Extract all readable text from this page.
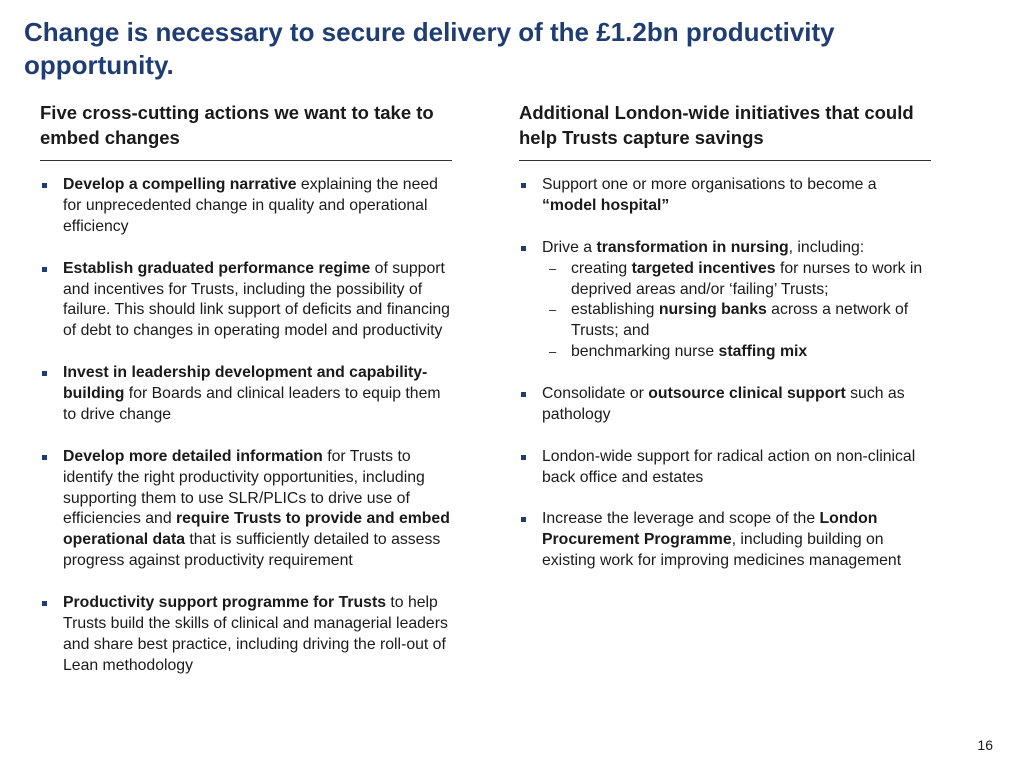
Change is necessary to secure delivery of the £1.2bn productivity opportunity.
Five cross-cutting actions we want to take to embed changes
Develop a compelling narrative explaining the need for unprecedented change in quality and operational efficiency
Establish graduated performance regime of support and incentives for Trusts, including the possibility of failure. This should link support of deficits and financing of debt to changes in operating model and productivity
Invest in leadership development and capability-building for Boards and clinical leaders to equip them to drive change
Develop more detailed information for Trusts to identify the right productivity opportunities, including supporting them to use SLR/PLICs to drive use of efficiencies and require Trusts to provide and embed operational data that is sufficiently detailed to assess progress against productivity requirement
Productivity support programme for Trusts to help Trusts build the skills of clinical and managerial leaders and share best practice, including driving the roll-out of Lean methodology
Additional London-wide initiatives that could help Trusts capture savings
Support one or more organisations to become a “model hospital”
Drive a transformation in nursing, including:
– creating targeted incentives for nurses to work in deprived areas and/or ‘failing’ Trusts;
– establishing nursing banks across a network of Trusts; and
– benchmarking nurse staffing mix
Consolidate or outsource clinical support such as pathology
London-wide support for radical action on non-clinical back office and estates
Increase the leverage and scope of the London Procurement Programme, including building on existing work for improving medicines management
16
